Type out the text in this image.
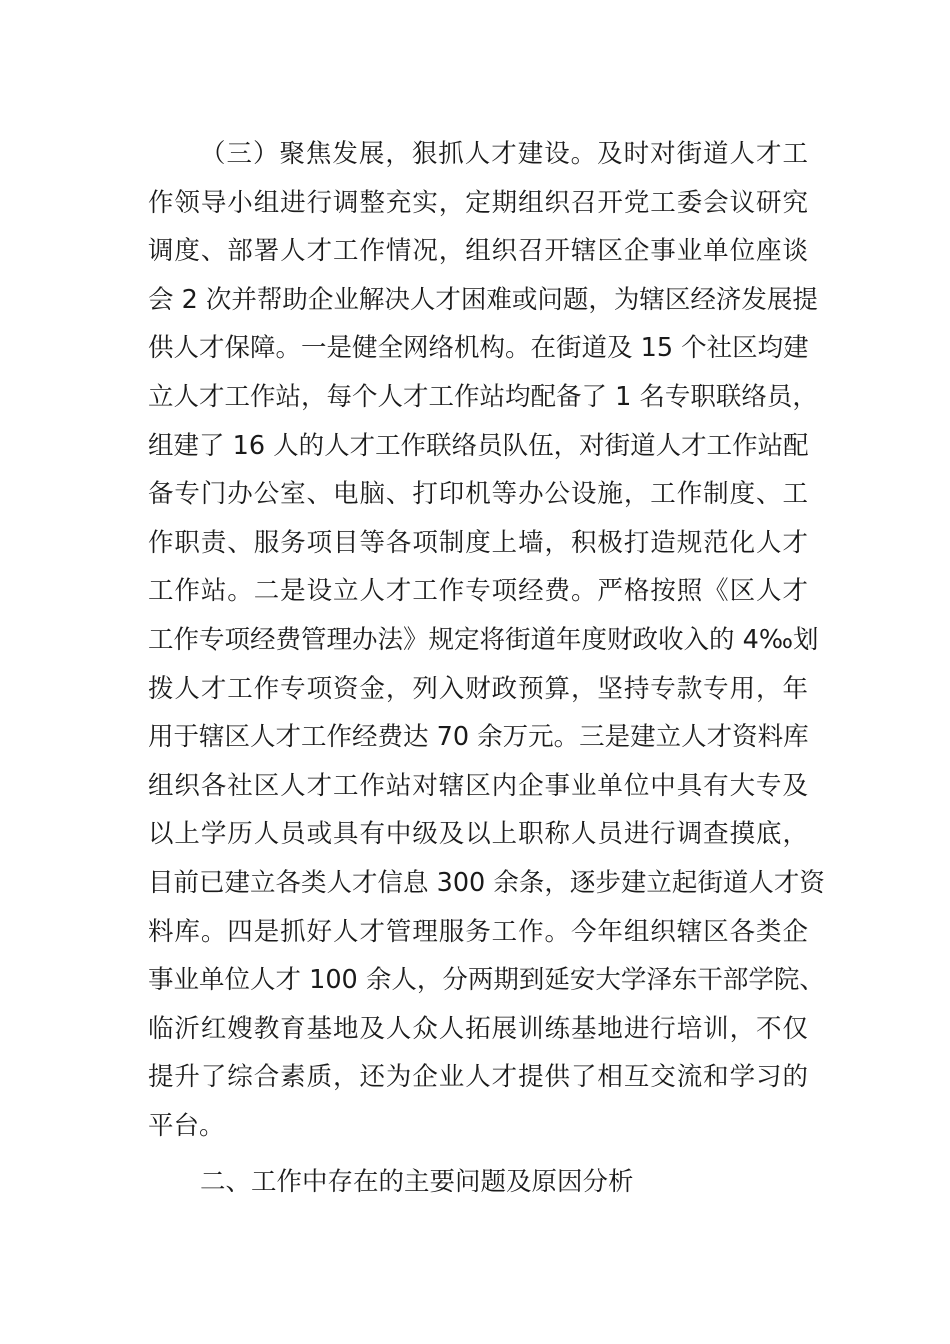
（三）聚焦发展，狠抓人才建设。及时对街道人才工
作领导小组进行调整充实，定期组织召开党工委会议研究
调度、部署人才工作情况，组织召开辖区企事业单位座谈
会 2 次并帮助企业解决人才困难或问题，为辖区经济发展提
供人才保障。一是健全网络机构。在街道及 15 个社区均建
立人才工作站，每个人才工作站均配备了 1 名专职联络员，
组建了 16 人的人才工作联络员队伍，对街道人才工作站配
备专门办公室、电脑、打印机等办公设施，工作制度、工
作职责、服务项目等各项制度上墙，积极打造规范化人才
工作站。二是设立人才工作专项经费。严格按照《区人才
工作专项经费管理办法》规定将街道年度财政收入的 4‰划
拨人才工作专项资金，列入财政预算，坚持专款专用，年
用于辖区人才工作经费达 70 余万元。三是建立人才资料库
组织各社区人才工作站对辖区内企事业单位中具有大专及
以上学历人员或具有中级及以上职称人员进行调查摸底，
目前已建立各类人才信息 300 余条，逐步建立起街道人才资
料库。四是抓好人才管理服务工作。今年组织辖区各类企
事业单位人才 100 余人，分两期到延安大学泽东干部学院、
临沂红嫂教育基地及人众人拓展训练基地进行培训，不仅
提升了综合素质，还为企业人才提供了相互交流和学习的
平台。
二、工作中存在的主要问题及原因分析
